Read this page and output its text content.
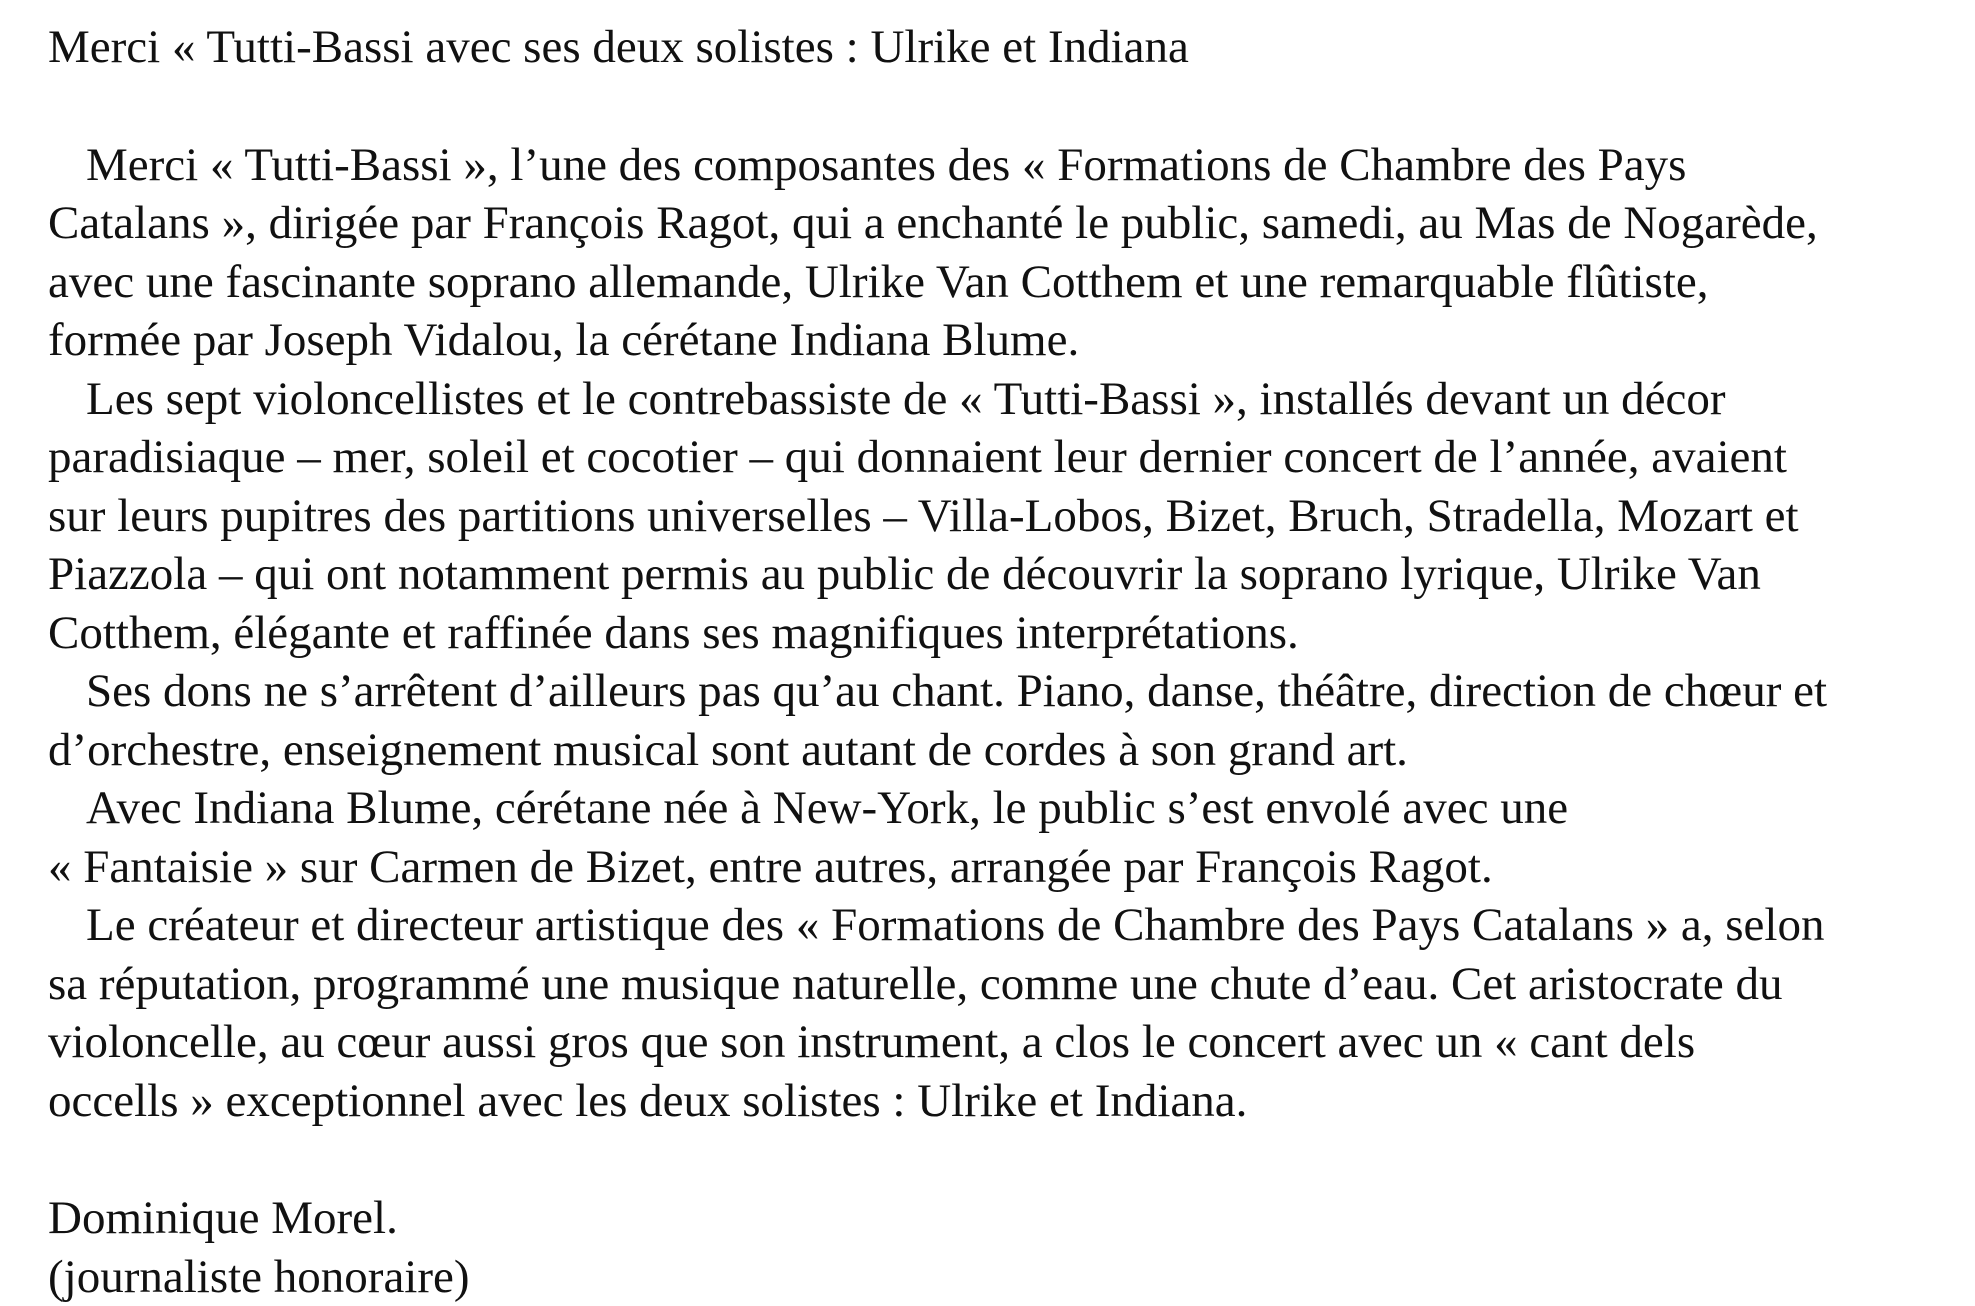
Merci « Tutti-Bassi avec ses deux solistes : Ulrike et Indiana

Merci « Tutti-Bassi », l’une des composantes des « Formations de Chambre des Pays
Catalans », dirigée par François Ragot, qui a enchanté le public, samedi, au Mas de Nogarède,
avec une fascinante soprano allemande, Ulrike Van Cotthem et une remarquable flûtiste,
formée par Joseph Vidalou, la cérétane Indiana Blume.

Les sept violoncellistes et le contrebassiste de « Tutti-Bassi », installés devant un décor
paradisiaque – mer, soleil et cocotier – qui donnaient leur dernier concert de l’année, avaient
sur leurs pupitres des partitions universelles – Villa-Lobos, Bizet, Bruch, Stradella, Mozart et
Piazzola – qui ont notamment permis au public de découvrir la soprano lyrique, Ulrike Van
Cotthem, élégante et raffinée dans ses magnifiques interprétations.

Ses dons ne s’arrêtent d’ailleurs pas qu’au chant. Piano, danse, théâtre, direction de chœur et
d’orchestre, enseignement musical sont autant de cordes à son grand art.

Avec Indiana Blume, cérétane née à New-York, le public s’est envolé avec une
« Fantaisie » sur Carmen de Bizet, entre autres, arrangée par François Ragot.

Le créateur et directeur artistique des « Formations de Chambre des Pays Catalans » a, selon
sa réputation, programmé une musique naturelle, comme une chute d’eau. Cet aristocrate du
violoncelle, au cœur aussi gros que son instrument, a clos le concert avec un « cant dels
occells » exceptionnel avec les deux solistes : Ulrike et Indiana.

Dominique Morel.
(journaliste honoraire)
